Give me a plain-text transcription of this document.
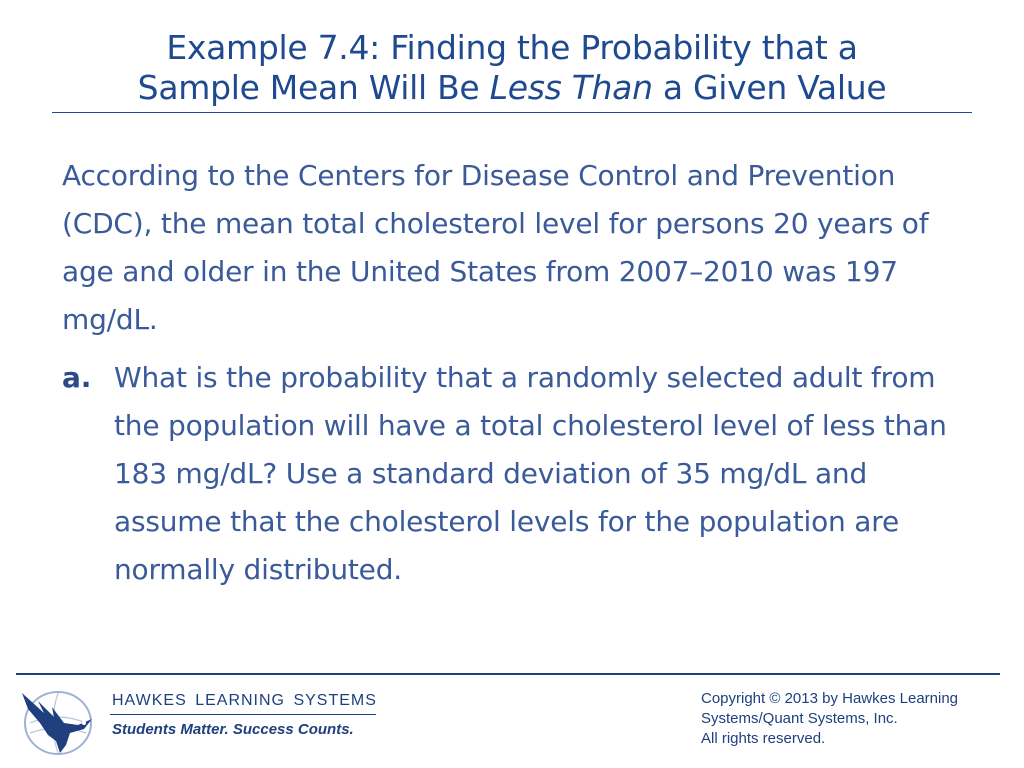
Example 7.4: Finding the Probability that a
Sample Mean Will Be Less Than a Given Value
According to the Centers for Disease Control and Prevention (CDC), the mean total cholesterol level for persons 20 years of age and older in the United States from 2007–2010 was 197 mg/dL.
a. What is the probability that a randomly selected adult from the population will have a total cholesterol level of less than 183 mg/dL? Use a standard deviation of 35 mg/dL and assume that the cholesterol levels for the population are normally distributed.
HAWKES LEARNING SYSTEMS
Students Matter. Success Counts.
Copyright © 2013 by Hawkes Learning
Systems/Quant Systems, Inc.
All rights reserved.
